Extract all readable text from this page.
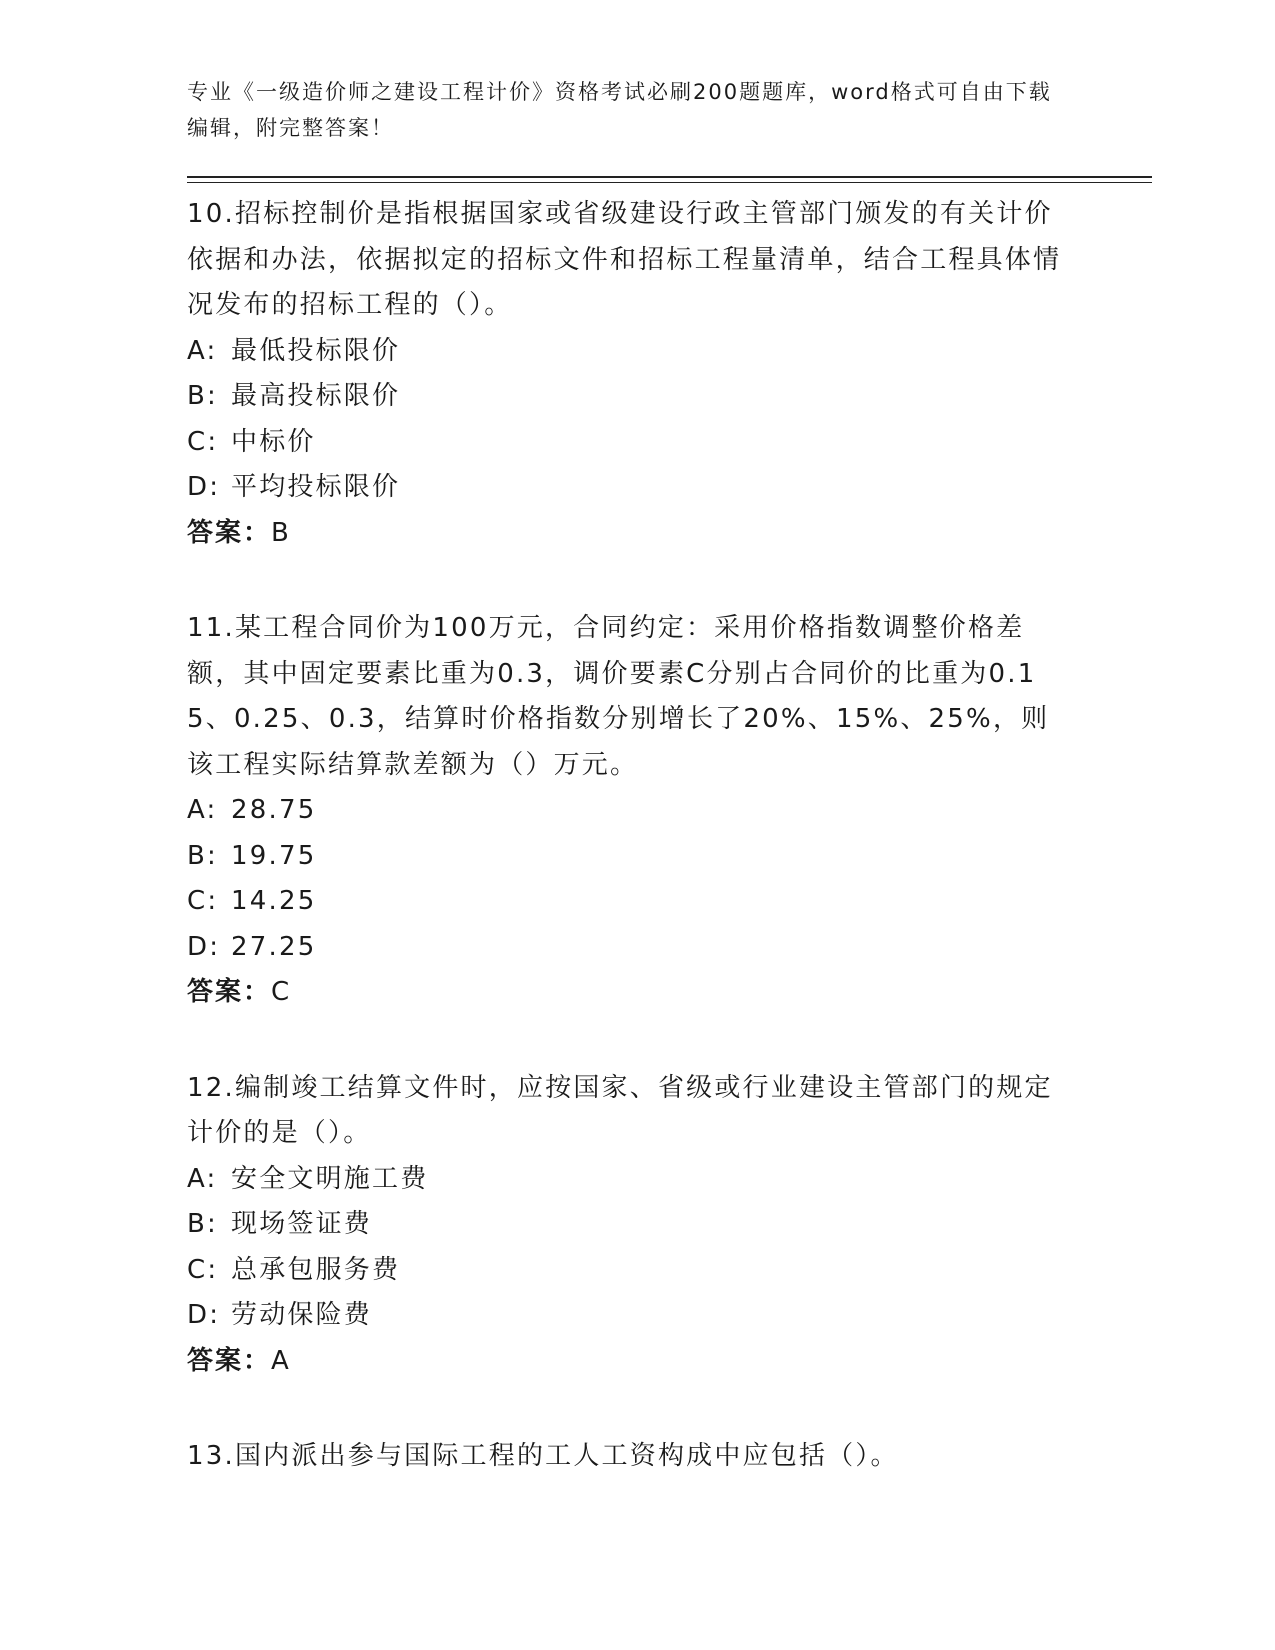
专业《一级造价师之建设工程计价》资格考试必刷200题题库，word格式可自由下载编辑，附完整答案！

10.招标控制价是指根据国家或省级建设行政主管部门颁发的有关计价依据和办法，依据拟定的招标文件和招标工程量清单，结合工程具体情况发布的招标工程的（）。

A: 最低投标限价

B: 最高投标限价

C: 中标价

D: 平均投标限价

答案：B

11.某工程合同价为100万元，合同约定：采用价格指数调整价格差额，其中固定要素比重为0.3，调价要素C分别占合同价的比重为0.15、0.25、0.3，结算时价格指数分别增长了20%、15%、25%，则该工程实际结算款差额为（）万元。

A: 28.75

B: 19.75

C: 14.25

D: 27.25

答案：C

12.编制竣工结算文件时，应按国家、省级或行业建设主管部门的规定计价的是（）。

A: 安全文明施工费

B: 现场签证费

C: 总承包服务费

D: 劳动保险费

答案：A

13.国内派出参与国际工程的工人工资构成中应包括（）。
